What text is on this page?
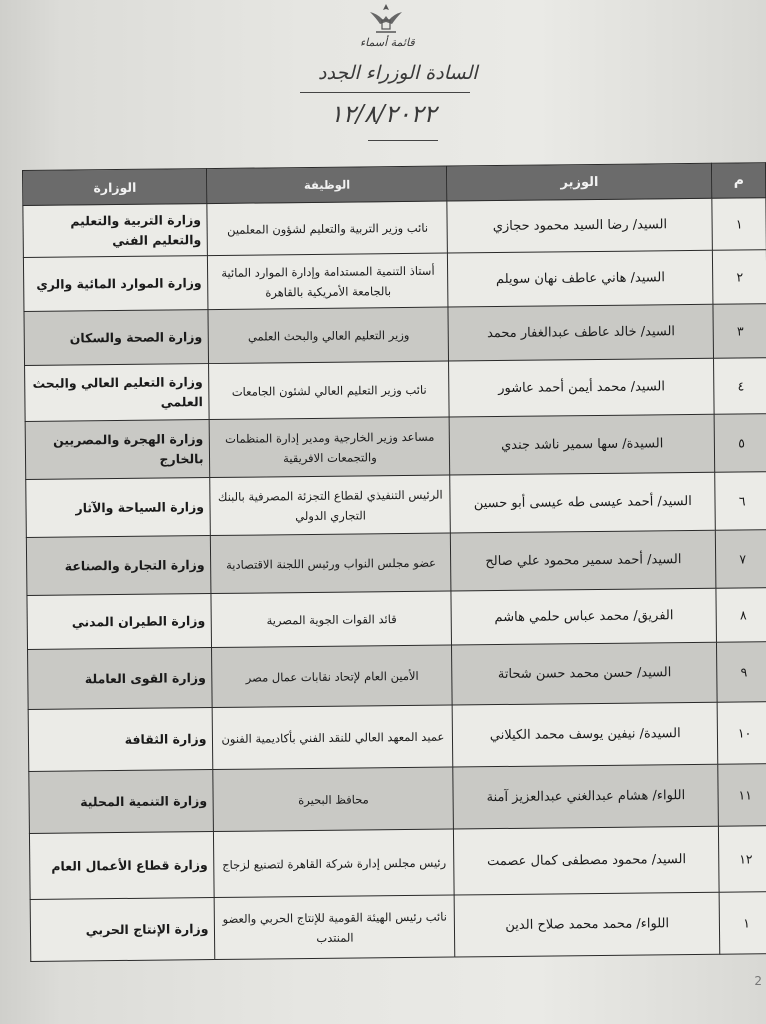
قائمة أسماء
السادة الوزراء الجدد
١٢/٨/٢٠٢٢
م	الوزير	الوظيفة	الوزارة
١	السيد/ رضا السيد محمود حجازي	نائب وزير التربية والتعليم لشؤون المعلمين	وزارة التربية والتعليم والتعليم الفني
٢	السيد/ هاني عاطف نهان سويلم	أستاذ التنمية المستدامة وإدارة الموارد المائية بالجامعة الأمريكية بالقاهرة	وزارة الموارد المائية والري
٣	السيد/ خالد عاطف عبدالغفار محمد	وزير التعليم العالي والبحث العلمي	وزارة الصحة والسكان
٤	السيد/ محمد أيمن أحمد عاشور	نائب وزير التعليم العالي لشئون الجامعات	وزارة التعليم العالي والبحث العلمي
٥	السيدة/ سها سمير ناشد جندي	مساعد وزير الخارجية ومدير إدارة المنظمات والتجمعات الافريقية	وزارة الهجرة والمصريين بالخارج
٦	السيد/ أحمد عيسى طه عيسى أبو حسين	الرئيس التنفيذي لقطاع التجزئة المصرفية بالبنك التجاري الدولي	وزارة السياحة والآثار
٧	السيد/ أحمد سمير محمود علي صالح	عضو مجلس النواب ورئيس اللجنة الاقتصادية	وزارة التجارة والصناعة
٨	الفريق/ محمد عباس حلمي هاشم	قائد القوات الجوية المصرية	وزارة الطيران المدني
٩	السيد/ حسن محمد حسن شحاتة	الأمين العام لإتحاد نقابات عمال مصر	وزارة القوى العاملة
١٠	السيدة/ نيفين يوسف محمد الكيلاني	عميد المعهد العالي للنقد الفني بأكاديمية الفنون	وزارة الثقافة
١١	اللواء/ هشام عبدالغني عبدالعزيز آمنة	محافظ البحيرة	وزارة التنمية المحلية
١٢	السيد/ محمود مصطفى كمال عصمت	رئيس مجلس إدارة شركة القاهرة لتصنيع لزجاج	وزارة قطاع الأعمال العام
١	اللواء/ محمد محمد صلاح الدين	نائب رئيس الهيئة القومية للإنتاج الحربي والعضو المنتدب	وزارة الإنتاج الحربي
2
